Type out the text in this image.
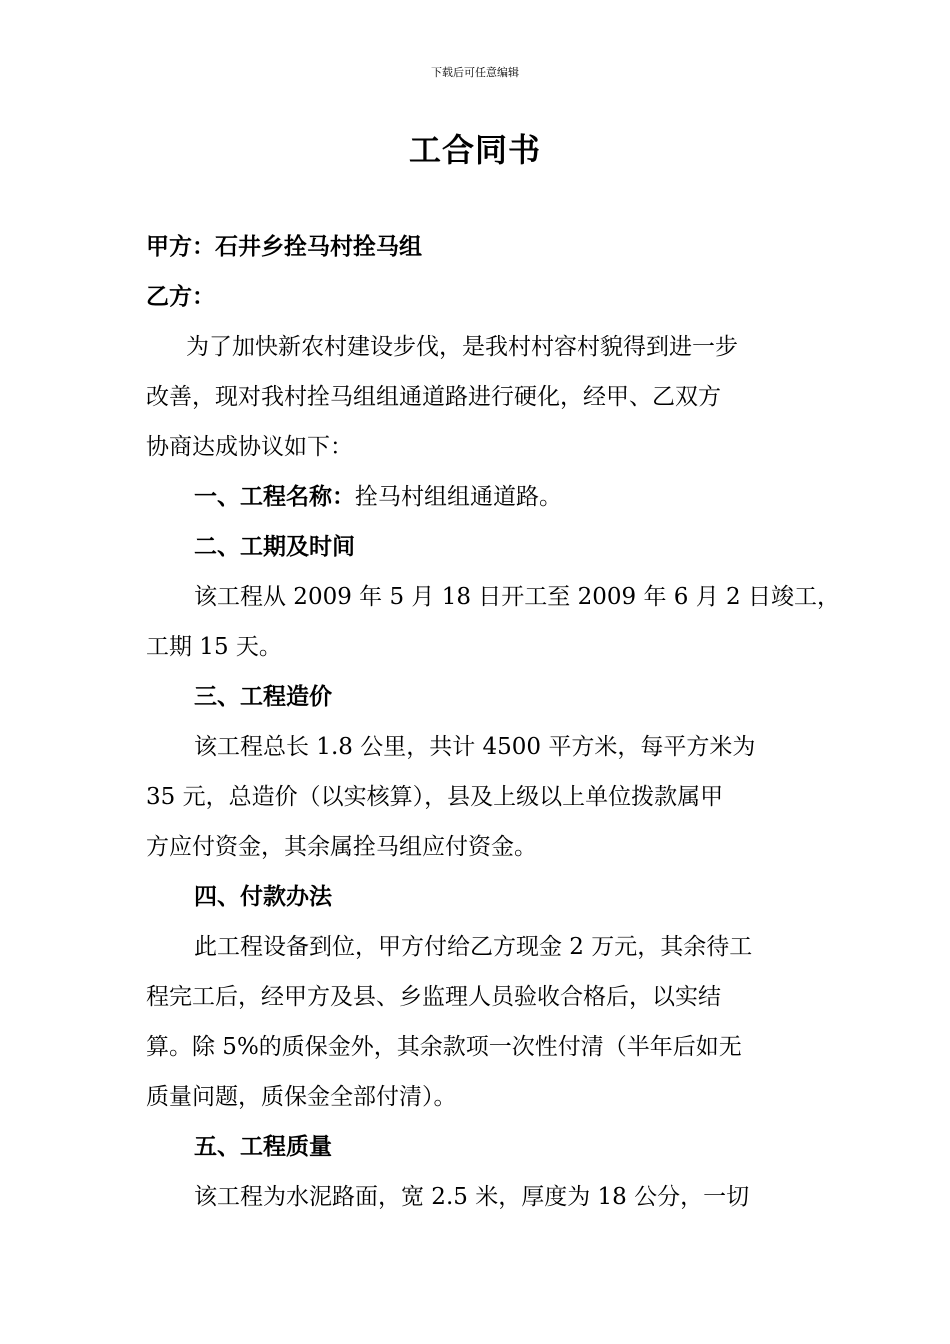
下载后可任意编辑
工合同书
甲方：石井乡拴马村拴马组
乙方：
为了加快新农村建设步伐，是我村村容村貌得到进一步
改善，现对我村拴马组组通道路进行硬化，经甲、乙双方
协商达成协议如下：
一、工程名称：拴马村组组通道路。
二、工期及时间
该工程从 2009 年 5 月 18 日开工至 2009 年 6 月 2 日竣工，
工期 15 天。
三、工程造价
该工程总长 1.8 公里，共计 4500 平方米，每平方米为
35 元，总造价（以实核算），县及上级以上单位拨款属甲
方应付资金，其余属拴马组应付资金。
四、付款办法
此工程设备到位，甲方付给乙方现金 2 万元，其余待工
程完工后，经甲方及县、乡监理人员验收合格后，以实结
算。除 5%的质保金外，其余款项一次性付清（半年后如无
质量问题，质保金全部付清）。
五、工程质量
该工程为水泥路面，宽 2.5 米，厚度为 18 公分，一切
